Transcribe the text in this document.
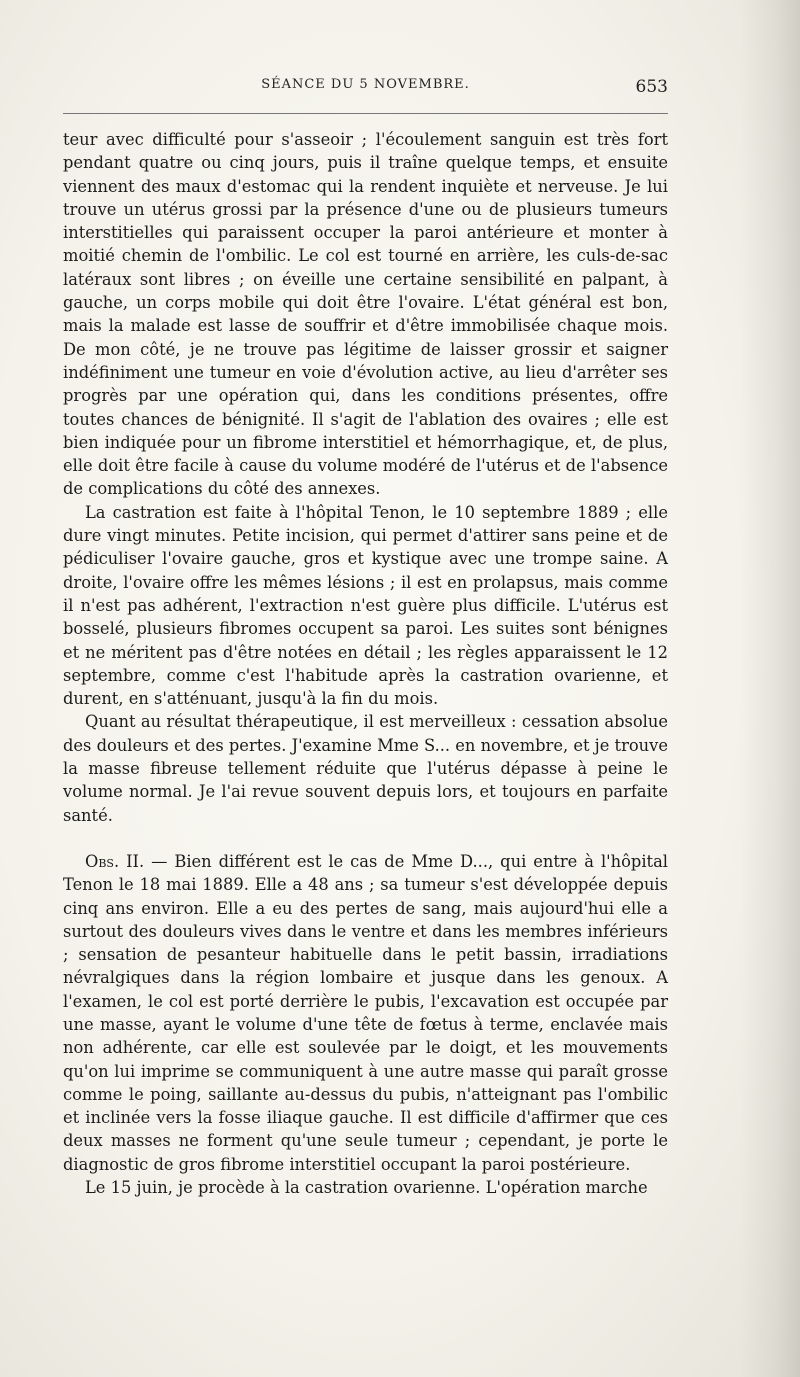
SÉANCE DU 5 NOVEMBRE.	653

teur avec difficulté pour s'asseoir ; l'écoulement sanguin est très fort pendant quatre ou cinq jours, puis il traîne quelque temps, et ensuite viennent des maux d'estomac qui la rendent inquiète et nerveuse. Je lui trouve un utérus grossi par la présence d'une ou de plusieurs tumeurs interstitielles qui paraissent occuper la paroi antérieure et monter à moitié chemin de l'ombilic. Le col est tourné en arrière, les culs-de-sac latéraux sont libres ; on éveille une certaine sensibilité en palpant, à gauche, un corps mobile qui doit être l'ovaire. L'état général est bon, mais la malade est lasse de souffrir et d'être immobilisée chaque mois. De mon côté, je ne trouve pas légitime de laisser grossir et saigner indéfiniment une tumeur en voie d'évolution active, au lieu d'arrêter ses progrès par une opération qui, dans les conditions présentes, offre toutes chances de bénignité. Il s'agit de l'ablation des ovaires ; elle est bien indiquée pour un fibrome interstitiel et hémorrhagique, et, de plus, elle doit être facile à cause du volume modéré de l'utérus et de l'absence de complications du côté des annexes.

La castration est faite à l'hôpital Tenon, le 10 septembre 1889 ; elle dure vingt minutes. Petite incision, qui permet d'attirer sans peine et de pédiculiser l'ovaire gauche, gros et kystique avec une trompe saine. A droite, l'ovaire offre les mêmes lésions ; il est en prolapsus, mais comme il n'est pas adhérent, l'extraction n'est guère plus difficile. L'utérus est bosselé, plusieurs fibromes occupent sa paroi. Les suites sont bénignes et ne méritent pas d'être notées en détail ; les règles apparaissent le 12 septembre, comme c'est l'habitude après la castration ovarienne, et durent, en s'atténuant, jusqu'à la fin du mois.

Quant au résultat thérapeutique, il est merveilleux : cessation absolue des douleurs et des pertes. J'examine Mme S... en novembre, et je trouve la masse fibreuse tellement réduite que l'utérus dépasse à peine le volume normal. Je l'ai revue souvent depuis lors, et toujours en parfaite santé.

Obs. II. — Bien différent est le cas de Mme D..., qui entre à l'hôpital Tenon le 18 mai 1889. Elle a 48 ans ; sa tumeur s'est développée depuis cinq ans environ. Elle a eu des pertes de sang, mais aujourd'hui elle a surtout des douleurs vives dans le ventre et dans les membres inférieurs ; sensation de pesanteur habituelle dans le petit bassin, irradiations névralgiques dans la région lombaire et jusque dans les genoux. A l'examen, le col est porté derrière le pubis, l'excavation est occupée par une masse, ayant le volume d'une tête de fœtus à terme, enclavée mais non adhérente, car elle est soulevée par le doigt, et les mouvements qu'on lui imprime se communiquent à une autre masse qui paraît grosse comme le poing, saillante au-dessus du pubis, n'atteignant pas l'ombilic et inclinée vers la fosse iliaque gauche. Il est difficile d'affirmer que ces deux masses ne forment qu'une seule tumeur ; cependant, je porte le diagnostic de gros fibrome interstitiel occupant la paroi postérieure.

Le 15 juin, je procède à la castration ovarienne. L'opération marche
